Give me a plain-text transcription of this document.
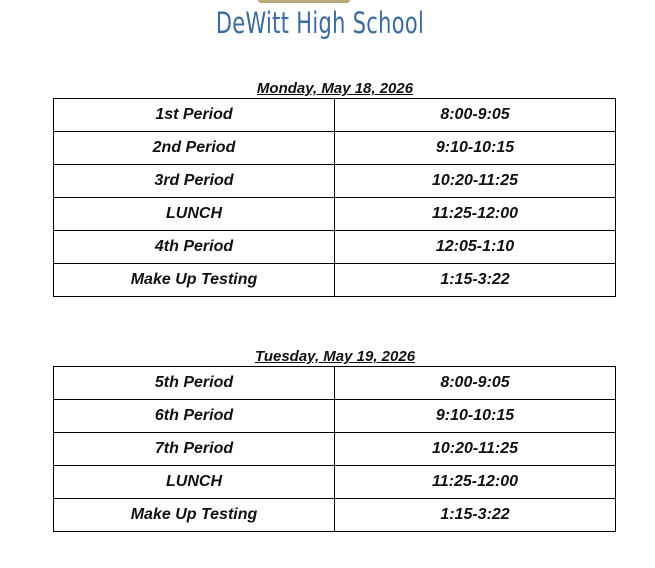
DeWitt High School
Monday, May 18, 2026
1st Period	8:00-9:05
2nd Period	9:10-10:15
3rd Period	10:20-11:25
LUNCH	11:25-12:00
4th Period	12:05-1:10
Make Up Testing	1:15-3:22
Tuesday, May 19, 2026
5th Period	8:00-9:05
6th Period	9:10-10:15
7th Period	10:20-11:25
LUNCH	11:25-12:00
Make Up Testing	1:15-3:22
